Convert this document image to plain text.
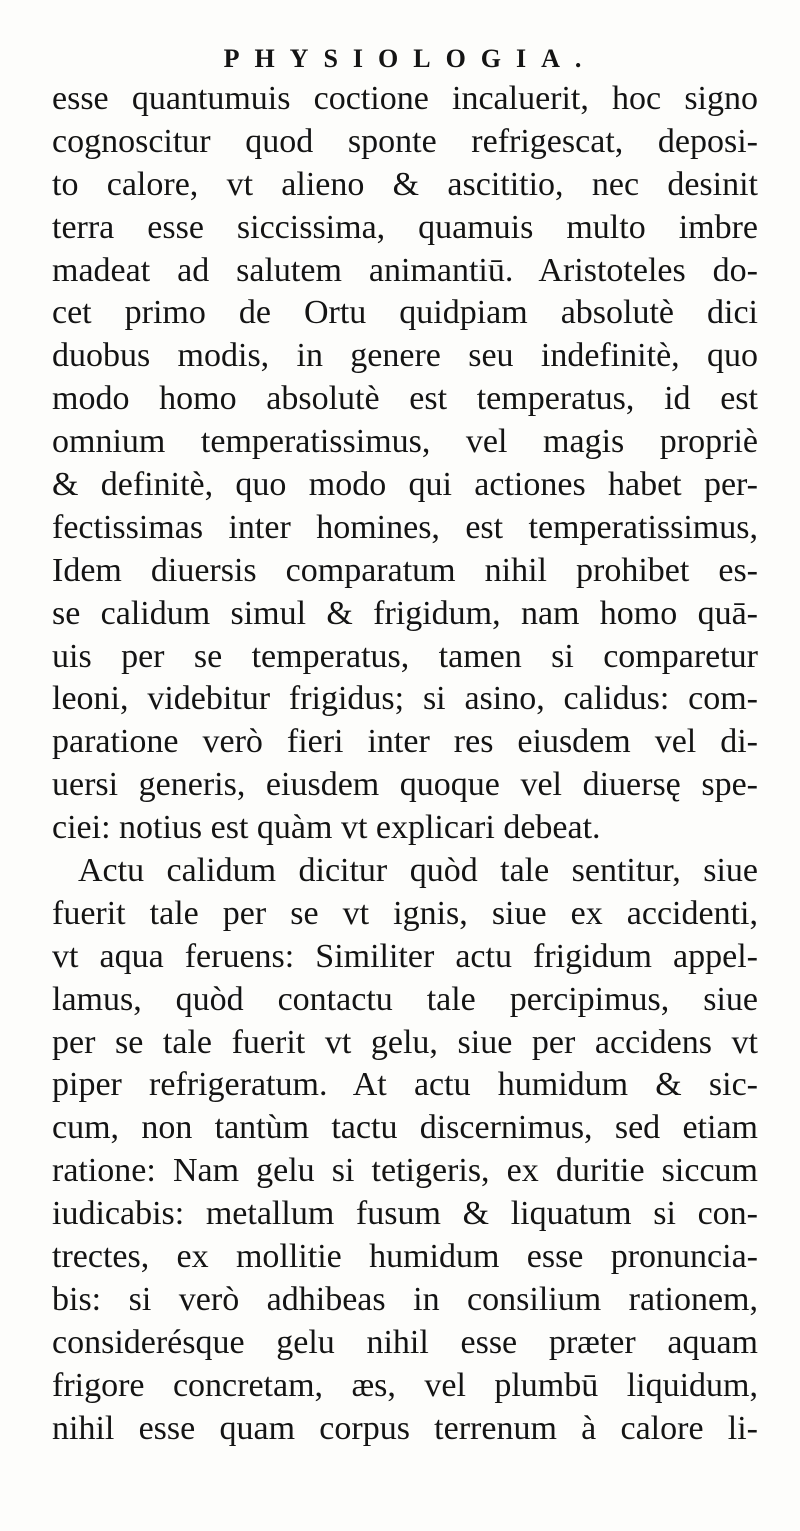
PHYSIOLOGIA.
esse quantumuis coctione incaluerit, hoc signo
cognoscitur quod sponte refrigescat, deposi-
to calore, vt alieno & ascititio, nec desinit
terra esse siccissima, quamuis multo imbre
madeat ad salutem animantiū. Aristoteles do-
cet primo de Ortu quidpiam absolutè dici
duobus modis, in genere seu indefinitè, quo
modo homo absolutè est temperatus, id est
omnium temperatissimus, vel magis propriè
& definitè, quo modo qui actiones habet per-
fectissimas inter homines, est temperatissimus,
Idem diuersis comparatum nihil prohibet es-
se calidum simul & frigidum, nam homo quā-
uis per se temperatus, tamen si comparetur
leoni, videbitur frigidus; si asino, calidus: com-
paratione verò fieri inter res eiusdem vel di-
uersi generis, eiusdem quoque vel diuersę spe-
ciei: notius est quàm vt explicari debeat.
Actu calidum dicitur quòd tale sentitur, siue
fuerit tale per se vt ignis, siue ex accidenti,
vt aqua feruens: Similiter actu frigidum appel-
lamus, quòd contactu tale percipimus, siue
per se tale fuerit vt gelu, siue per accidens vt
piper refrigeratum. At actu humidum & sic-
cum, non tantùm tactu discernimus, sed etiam
ratione: Nam gelu si tetigeris, ex duritie siccum
iudicabis: metallum fusum & liquatum si con-
trectes, ex mollitie humidum esse pronuncia-
bis: si verò adhibeas in consilium rationem,
considerésque gelu nihil esse præter aquam
frigore concretam, æs, vel plumbū liquidum,
nihil esse quam corpus terrenum à calore li-
